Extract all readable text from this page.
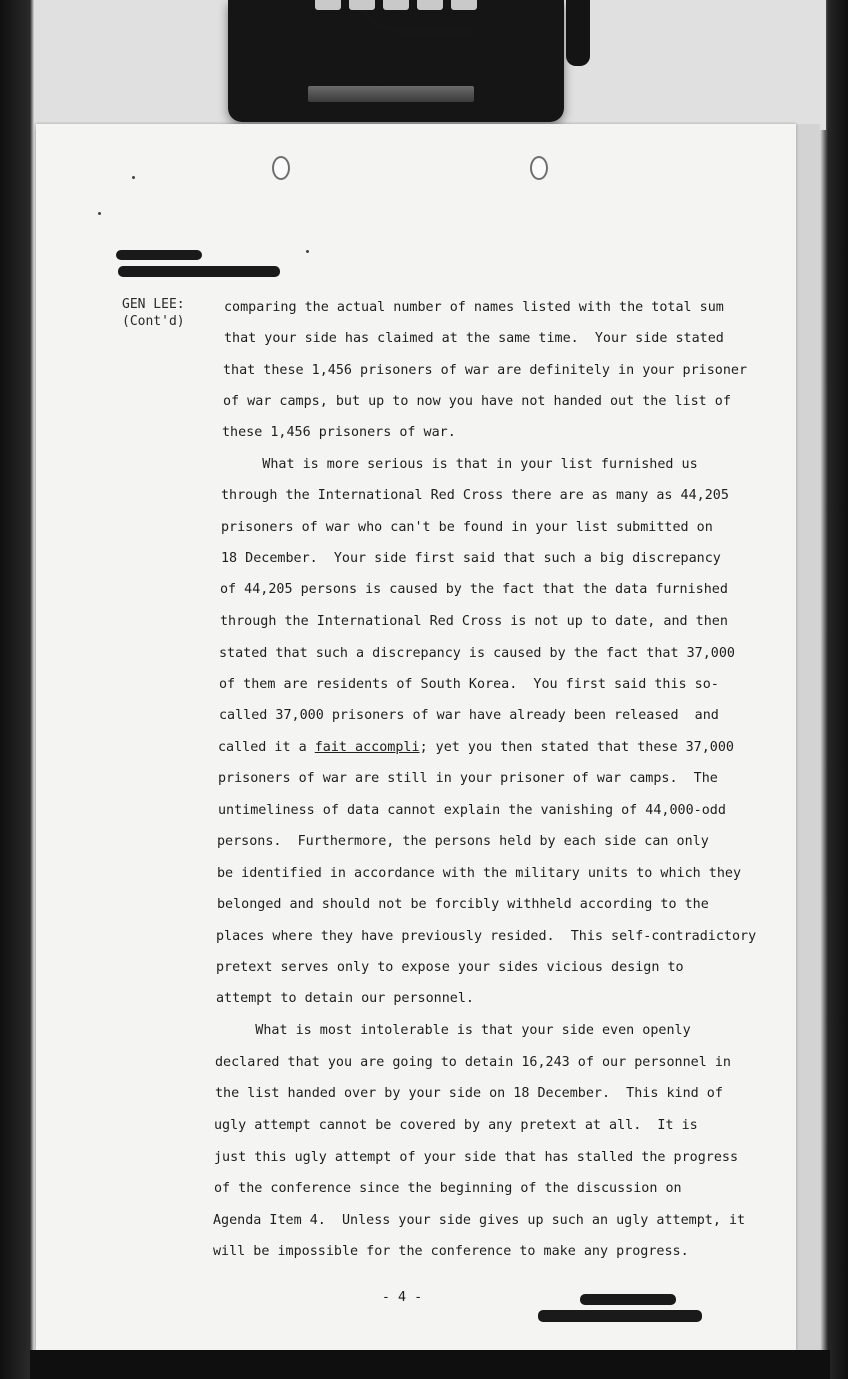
GEN LEE:
(Cont'd)

comparing the actual number of names listed with the total sum

that your side has claimed at the same time.  Your side stated

that these 1,456 prisoners of war are definitely in your prisoner

of war camps, but up to now you have not handed out the list of

these 1,456 prisoners of war.

What is more serious is that in your list furnished us

through the International Red Cross there are as many as 44,205

prisoners of war who can't be found in your list submitted on

18 December.  Your side first said that such a big discrepancy

of 44,205 persons is caused by the fact that the data furnished

through the International Red Cross is not up to date, and then

stated that such a discrepancy is caused by the fact that 37,000

of them are residents of South Korea.  You first said this so-

called 37,000 prisoners of war have already been released  and

called it a fait accompli; yet you then stated that these 37,000

prisoners of war are still in your prisoner of war camps.  The

untimeliness of data cannot explain the vanishing of 44,000-odd

persons.  Furthermore, the persons held by each side can only

be identified in accordance with the military units to which they

belonged and should not be forcibly withheld according to the

places where they have previously resided.  This self-contradictory

pretext serves only to expose your sides vicious design to

attempt to detain our personnel.

What is most intolerable is that your side even openly

declared that you are going to detain 16,243 of our personnel in

the list handed over by your side on 18 December.  This kind of

ugly attempt cannot be covered by any pretext at all.  It is

just this ugly attempt of your side that has stalled the progress

of the conference since the beginning of the discussion on

Agenda Item 4.  Unless your side gives up such an ugly attempt, it

will be impossible for the conference to make any progress.

- 4 -
